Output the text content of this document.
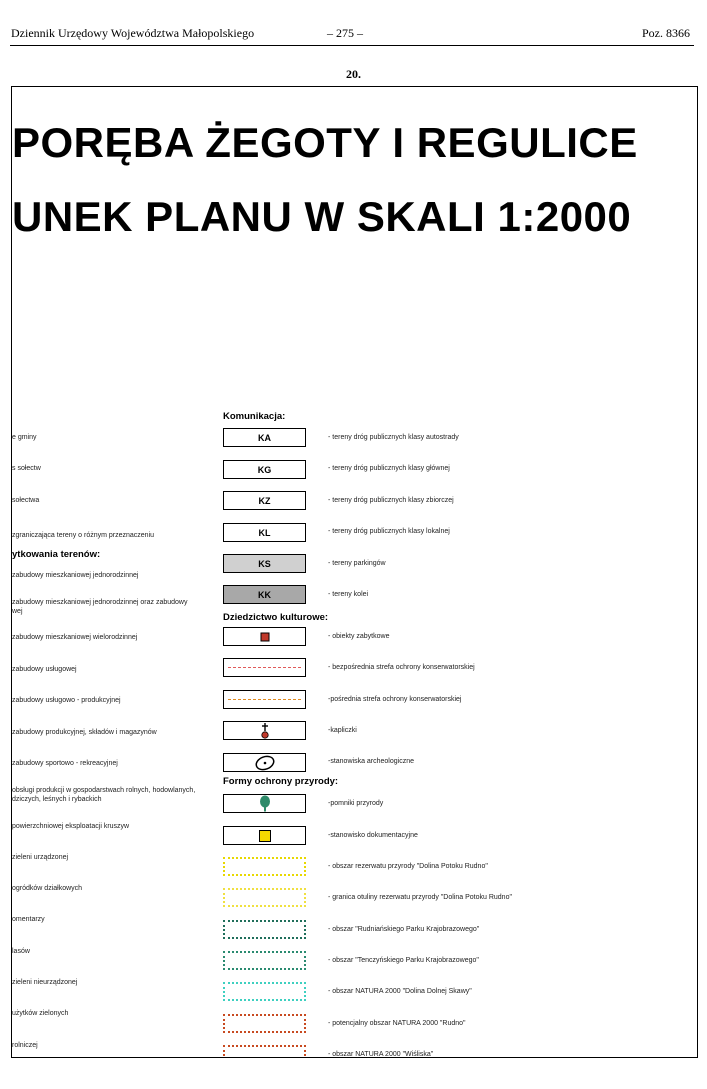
Dziennik Urzędowy Województwa Małopolskiego	– 275 –	Poz. 8366
20.
PORĘBA ŻEGOTY I REGULICE
UNEK PLANU W SKALI 1:2000
e gminy
s sołectw
sołectwa
zgraniczająca tereny o różnym przeznaczeniu
ytkowania terenów:
zabudowy mieszkaniowej jednorodzinnej
zabudowy mieszkaniowej jednorodzinnej oraz zabudowy
wej
zabudowy mieszkaniowej wielorodzinnej
zabudowy usługowej
zabudowy usługowo - produkcyjnej
zabudowy produkcyjnej, składów i magazynów
zabudowy sportowo - rekreacyjnej
obsługi produkcji w gospodarstwach rolnych, hodowlanych,
dziczych, leśnych i rybackich
powierzchniowej eksploatacji kruszyw
zieleni urządzonej
ogródków działkowych
omentarzy
lasów
zieleni nieurządzonej
użytków zielonych
rolniczej
Komunikacja:
Dziedzictwo kulturowe:
Formy ochrony przyrody:
KA
KG
KZ
KL
KS
KK
- tereny dróg publicznych klasy autostrady
- tereny dróg publicznych klasy głównej
- tereny dróg publicznych klasy zbiorczej
- tereny dróg publicznych klasy lokalnej
- tereny parkingów
- tereny kolei
- obiekty zabytkowe
- bezpośrednia strefa ochrony konserwatorskiej
-pośrednia strefa ochrony konserwatorskiej
-kapliczki
-stanowiska archeologiczne
-pomniki przyrody
-stanowisko dokumentacyjne
- obszar rezerwatu przyrody "Dolina Potoku Rudno"
- granica otuliny rezerwatu przyrody "Dolina Potoku Rudno"
- obszar "Rudniańskiego Parku Krajobrazowego"
- obszar "Tenczyńskiego Parku Krajobrazowego"
- obszar NATURA 2000 "Dolina Dolnej Skawy"
- potencjalny obszar NATURA 2000 "Rudno"
- obszar NATURA 2000 "Wiśliska"
